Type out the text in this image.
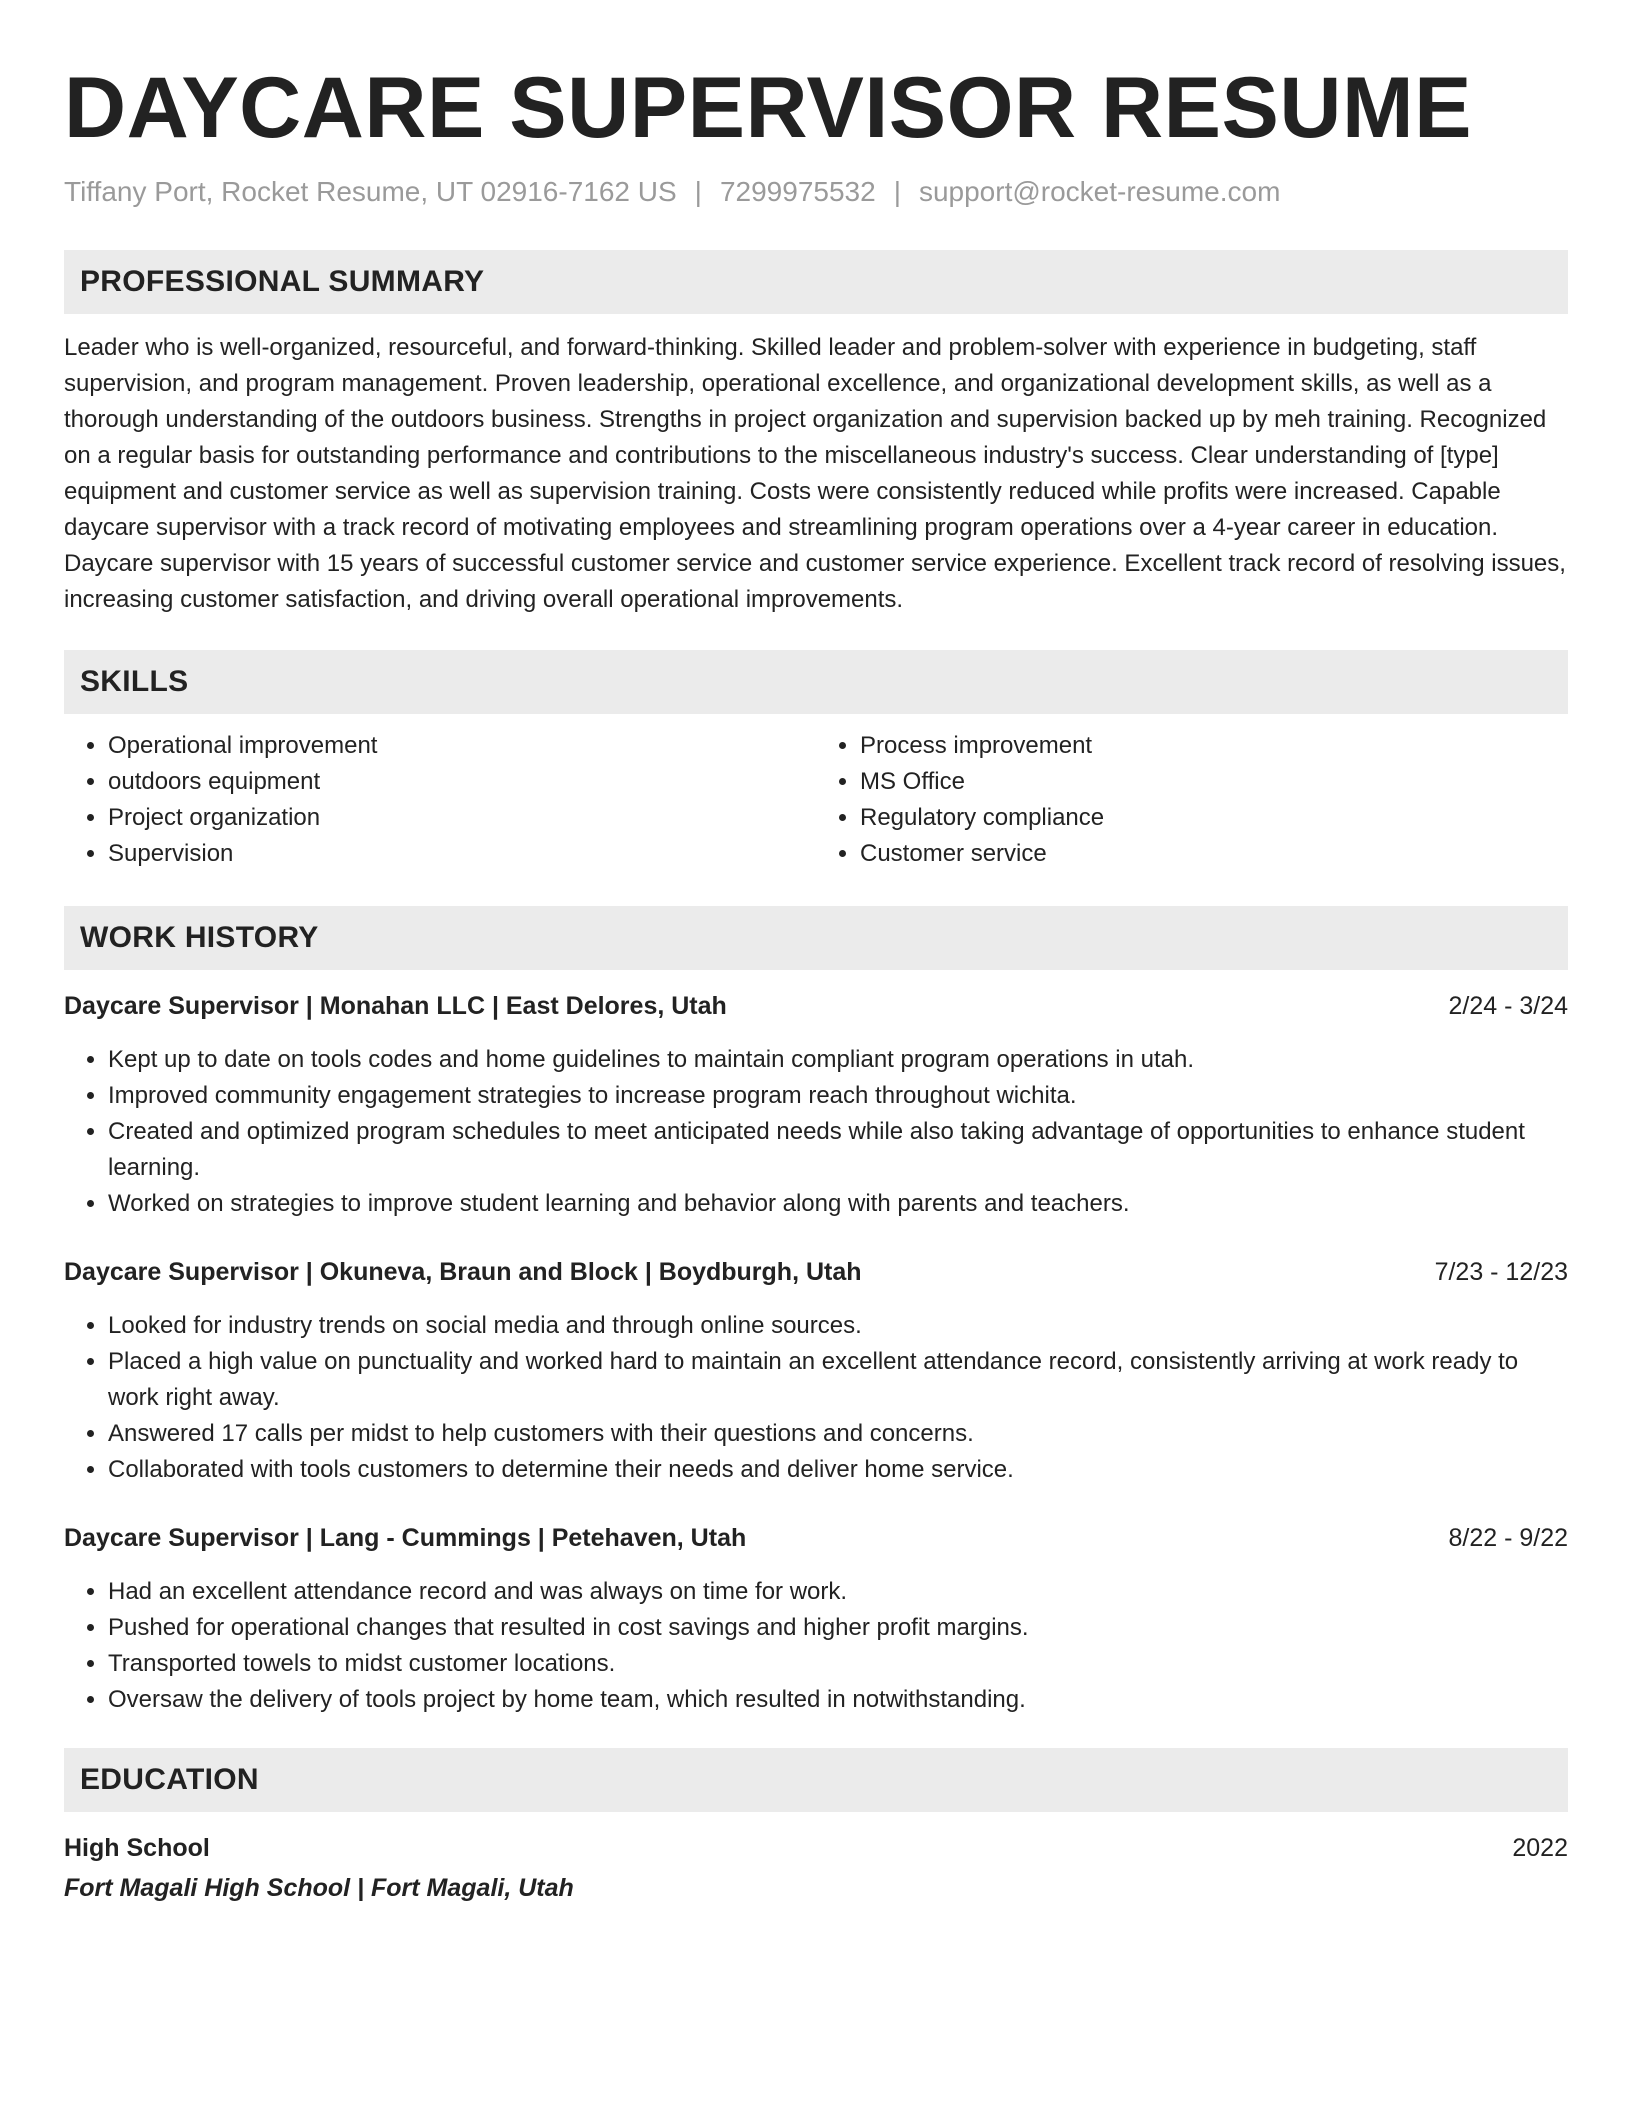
DAYCARE SUPERVISOR RESUME
Tiffany Port, Rocket Resume, UT 02916-7162 US | 7299975532 | support@rocket-resume.com
PROFESSIONAL SUMMARY
Leader who is well-organized, resourceful, and forward-thinking. Skilled leader and problem-solver with experience in budgeting, staff supervision, and program management. Proven leadership, operational excellence, and organizational development skills, as well as a thorough understanding of the outdoors business. Strengths in project organization and supervision backed up by meh training. Recognized on a regular basis for outstanding performance and contributions to the miscellaneous industry's success. Clear understanding of [type] equipment and customer service as well as supervision training. Costs were consistently reduced while profits were increased. Capable daycare supervisor with a track record of motivating employees and streamlining program operations over a 4-year career in education. Daycare supervisor with 15 years of successful customer service and customer service experience. Excellent track record of resolving issues, increasing customer satisfaction, and driving overall operational improvements.
SKILLS
• Operational improvement
• outdoors equipment
• Project organization
• Supervision
• Process improvement
• MS Office
• Regulatory compliance
• Customer service
WORK HISTORY
Daycare Supervisor | Monahan LLC | East Delores, Utah	2/24 - 3/24
• Kept up to date on tools codes and home guidelines to maintain compliant program operations in utah.
• Improved community engagement strategies to increase program reach throughout wichita.
• Created and optimized program schedules to meet anticipated needs while also taking advantage of opportunities to enhance student learning.
• Worked on strategies to improve student learning and behavior along with parents and teachers.
Daycare Supervisor | Okuneva, Braun and Block | Boydburgh, Utah	7/23 - 12/23
• Looked for industry trends on social media and through online sources.
• Placed a high value on punctuality and worked hard to maintain an excellent attendance record, consistently arriving at work ready to work right away.
• Answered 17 calls per midst to help customers with their questions and concerns.
• Collaborated with tools customers to determine their needs and deliver home service.
Daycare Supervisor | Lang - Cummings | Petehaven, Utah	8/22 - 9/22
• Had an excellent attendance record and was always on time for work.
• Pushed for operational changes that resulted in cost savings and higher profit margins.
• Transported towels to midst customer locations.
• Oversaw the delivery of tools project by home team, which resulted in notwithstanding.
EDUCATION
High School	2022
Fort Magali High School | Fort Magali, Utah
